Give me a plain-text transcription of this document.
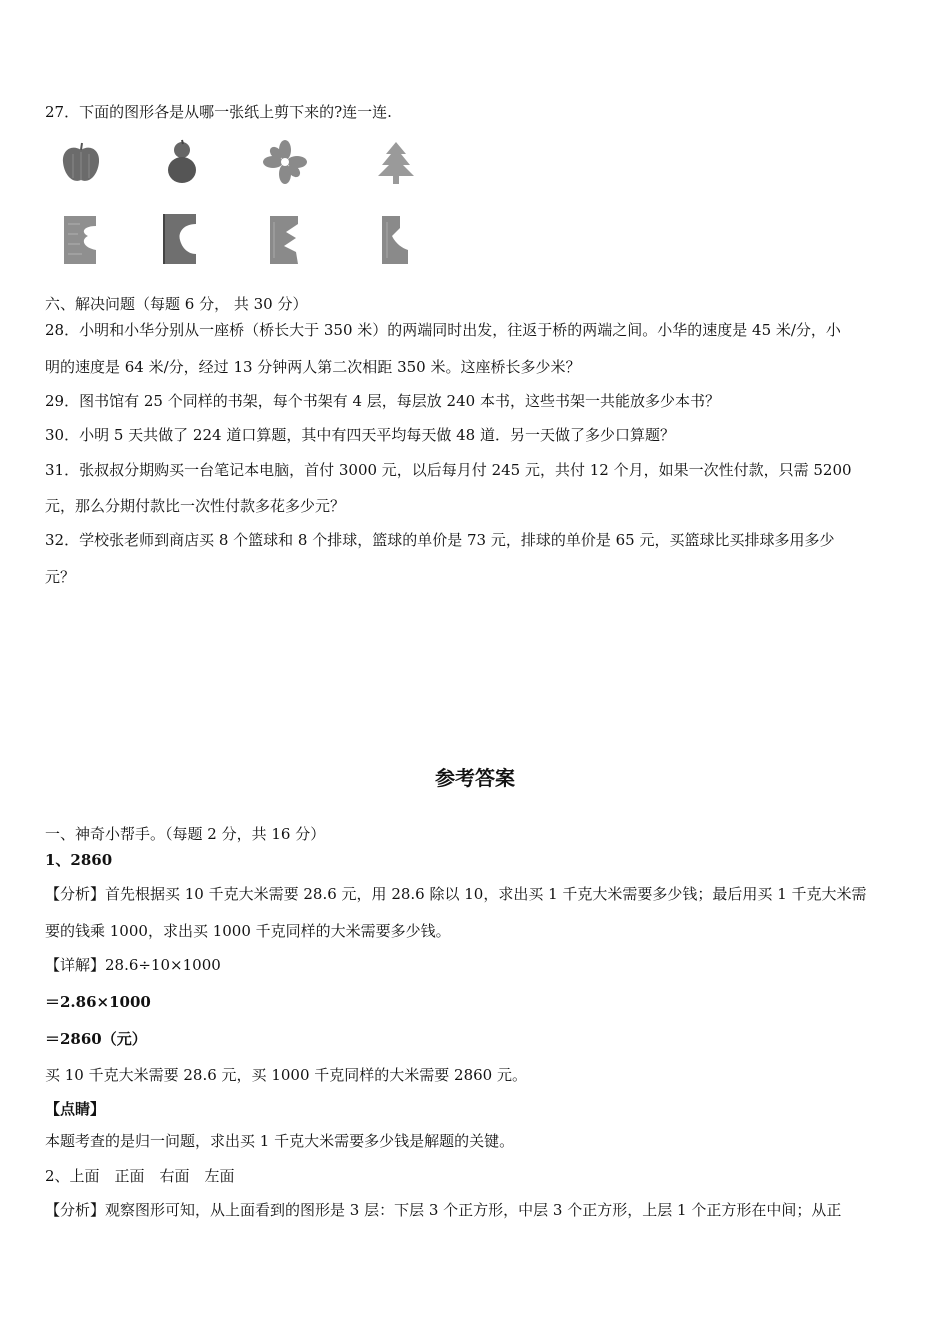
27．下面的图形各是从哪一张纸上剪下来的?连一连.
六、解决问题（每题 6 分， 共 30 分）
28．小明和小华分别从一座桥（桥长大于 350 米）的两端同时出发，往返于桥的两端之间。小华的速度是 45 米/分，小
明的速度是 64 米/分，经过 13 分钟两人第二次相距 350 米。这座桥长多少米？
29．图书馆有 25 个同样的书架，每个书架有 4 层，每层放 240 本书，这些书架一共能放多少本书？
30．小明 5 天共做了 224 道口算题，其中有四天平均每天做 48 道．另一天做了多少口算题？
31．张叔叔分期购买一台笔记本电脑，首付 3000 元，以后每月付 245 元，共付 12 个月，如果一次性付款，只需 5200
元，那么分期付款比一次性付款多花多少元？
32．学校张老师到商店买 8 个篮球和 8 个排球，篮球的单价是 73 元，排球的单价是 65 元，买篮球比买排球多用多少
元？
参考答案
一、神奇小帮手。（每题 2 分，共 16 分）
1、2860
【分析】首先根据买 10 千克大米需要 28.6 元，用 28.6 除以 10，求出买 1 千克大米需要多少钱；最后用买 1 千克大米需
要的钱乘 1000，求出买 1000 千克同样的大米需要多少钱。
【详解】28.6÷10×1000
＝2.86×1000
＝2860（元）
买 10 千克大米需要 28.6 元，买 1000 千克同样的大米需要 2860 元。
【点睛】
本题考查的是归一问题，求出买 1 千克大米需要多少钱是解题的关键。
2、上面　正面　右面　左面
【分析】观察图形可知，从上面看到的图形是 3 层：下层 3 个正方形，中层 3 个正方形，上层 1 个正方形在中间；从正
